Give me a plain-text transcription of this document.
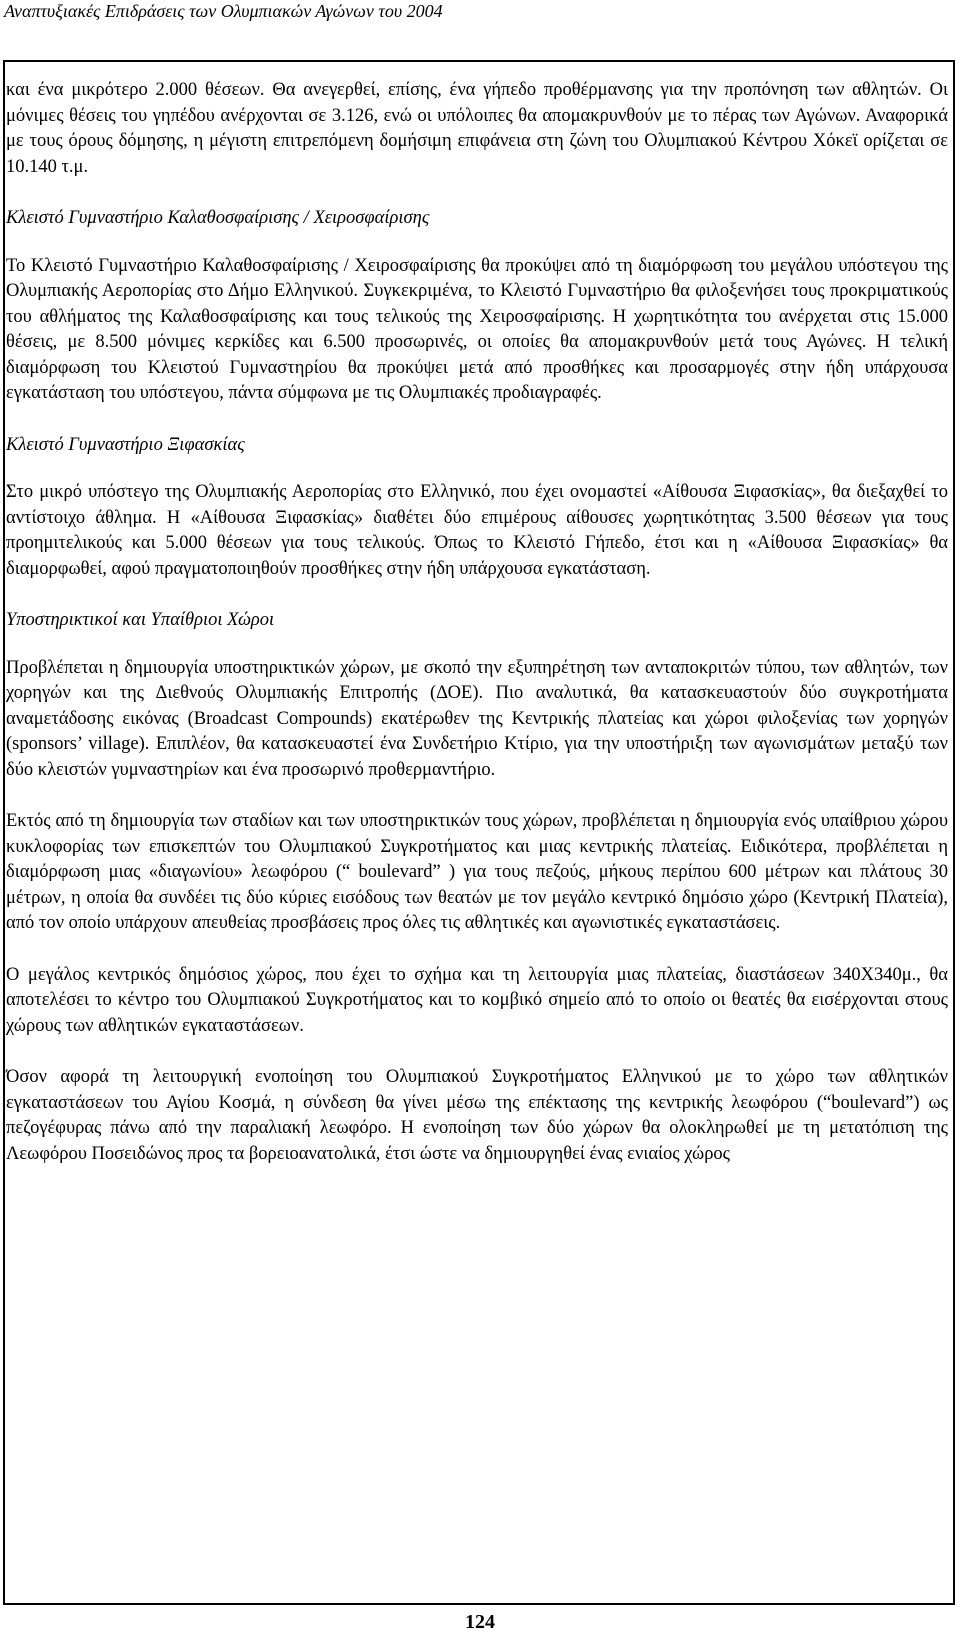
Αναπτυξιακές Επιδράσεις των Ολυμπιακών Αγώνων του 2004

και ένα μικρότερο 2.000 θέσεων. Θα ανεγερθεί, επίσης, ένα γήπεδο προθέρμανσης για την προπόνηση των αθλητών. Οι μόνιμες θέσεις του γηπέδου ανέρχονται σε 3.126, ενώ οι υπόλοιπες θα απομακρυνθούν με το πέρας των Αγώνων. Αναφορικά με τους όρους δόμησης, η μέγιστη επιτρεπόμενη δομήσιμη επιφάνεια στη ζώνη του Ολυμπιακού Κέντρου Χόκεϊ ορίζεται σε 10.140 τ.μ.

Κλειστό Γυμναστήριο Καλαθοσφαίρισης / Χειροσφαίρισης

Το Κλειστό Γυμναστήριο Καλαθοσφαίρισης / Χειροσφαίρισης θα προκύψει από τη διαμόρφωση του μεγάλου υπόστεγου της Ολυμπιακής Αεροπορίας στο Δήμο Ελληνικού. Συγκεκριμένα, το Κλειστό Γυμναστήριο θα φιλοξενήσει τους προκριματικούς του αθλήματος της Καλαθοσφαίρισης και τους τελικούς της Χειροσφαίρισης. Η χωρητικότητα του ανέρχεται στις 15.000 θέσεις, με 8.500 μόνιμες κερκίδες και 6.500 προσωρινές, οι οποίες θα απομακρυνθούν μετά τους Αγώνες. Η τελική διαμόρφωση του Κλειστού Γυμναστηρίου θα προκύψει μετά από προσθήκες και προσαρμογές στην ήδη υπάρχουσα εγκατάσταση του υπόστεγου, πάντα σύμφωνα με τις Ολυμπιακές προδιαγραφές.

Κλειστό Γυμναστήριο Ξιφασκίας

Στο μικρό υπόστεγο της Ολυμπιακής Αεροπορίας στο Ελληνικό, που έχει ονομαστεί «Αίθουσα Ξιφασκίας», θα διεξαχθεί το αντίστοιχο άθλημα. Η «Αίθουσα Ξιφασκίας» διαθέτει δύο επιμέρους αίθουσες χωρητικότητας 3.500 θέσεων για τους προημιτελικούς και 5.000 θέσεων για τους τελικούς. Όπως το Κλειστό Γήπεδο, έτσι και η «Αίθουσα Ξιφασκίας» θα διαμορφωθεί, αφού πραγματοποιηθούν προσθήκες στην ήδη υπάρχουσα εγκατάσταση.

Υποστηρικτικοί και Υπαίθριοι Χώροι

Προβλέπεται η δημιουργία υποστηρικτικών χώρων, με σκοπό την εξυπηρέτηση των ανταποκριτών τύπου, των αθλητών, των χορηγών και της Διεθνούς Ολυμπιακής Επιτροπής (ΔΟΕ). Πιο αναλυτικά, θα κατασκευαστούν δύο συγκροτήματα αναμετάδοσης εικόνας (Broadcast Compounds) εκατέρωθεν της Κεντρικής πλατείας και χώροι φιλοξενίας των χορηγών (sponsors’ village). Επιπλέον, θα κατασκευαστεί ένα Συνδετήριο Κτίριο, για την υποστήριξη των αγωνισμάτων μεταξύ των δύο κλειστών γυμναστηρίων και ένα προσωρινό προθερμαντήριο.

Εκτός από τη δημιουργία των σταδίων και των υποστηρικτικών τους χώρων, προβλέπεται η δημιουργία ενός υπαίθριου χώρου κυκλοφορίας των επισκεπτών του Ολυμπιακού Συγκροτήματος και μιας κεντρικής πλατείας. Ειδικότερα, προβλέπεται η διαμόρφωση μιας «διαγωνίου» λεωφόρου (“ boulevard” ) για τους πεζούς, μήκους περίπου 600 μέτρων και πλάτους 30 μέτρων, η οποία θα συνδέει τις δύο κύριες εισόδους των θεατών με τον μεγάλο κεντρικό δημόσιο χώρο (Κεντρική Πλατεία), από τον οποίο υπάρχουν απευθείας προσβάσεις προς όλες τις αθλητικές και αγωνιστικές εγκαταστάσεις.

Ο μεγάλος κεντρικός δημόσιος χώρος, που έχει το σχήμα και τη λειτουργία μιας πλατείας, διαστάσεων 340Χ340μ., θα αποτελέσει το κέντρο του Ολυμπιακού Συγκροτήματος και το κομβικό σημείο από το οποίο οι θεατές θα εισέρχονται στους χώρους των αθλητικών εγκαταστάσεων.

Όσον αφορά τη λειτουργική ενοποίηση του Ολυμπιακού Συγκροτήματος Ελληνικού με το χώρο των αθλητικών εγκαταστάσεων του Αγίου Κοσμά, η σύνδεση θα γίνει μέσω της επέκτασης της κεντρικής λεωφόρου (“boulevard”) ως πεζογέφυρας πάνω από την παραλιακή λεωφόρο. Η ενοποίηση των δύο χώρων θα ολοκληρωθεί με τη μετατόπιση της Λεωφόρου Ποσειδώνος προς τα βορειοανατολικά, έτσι ώστε να δημιουργηθεί ένας ενιαίος χώρος

124
